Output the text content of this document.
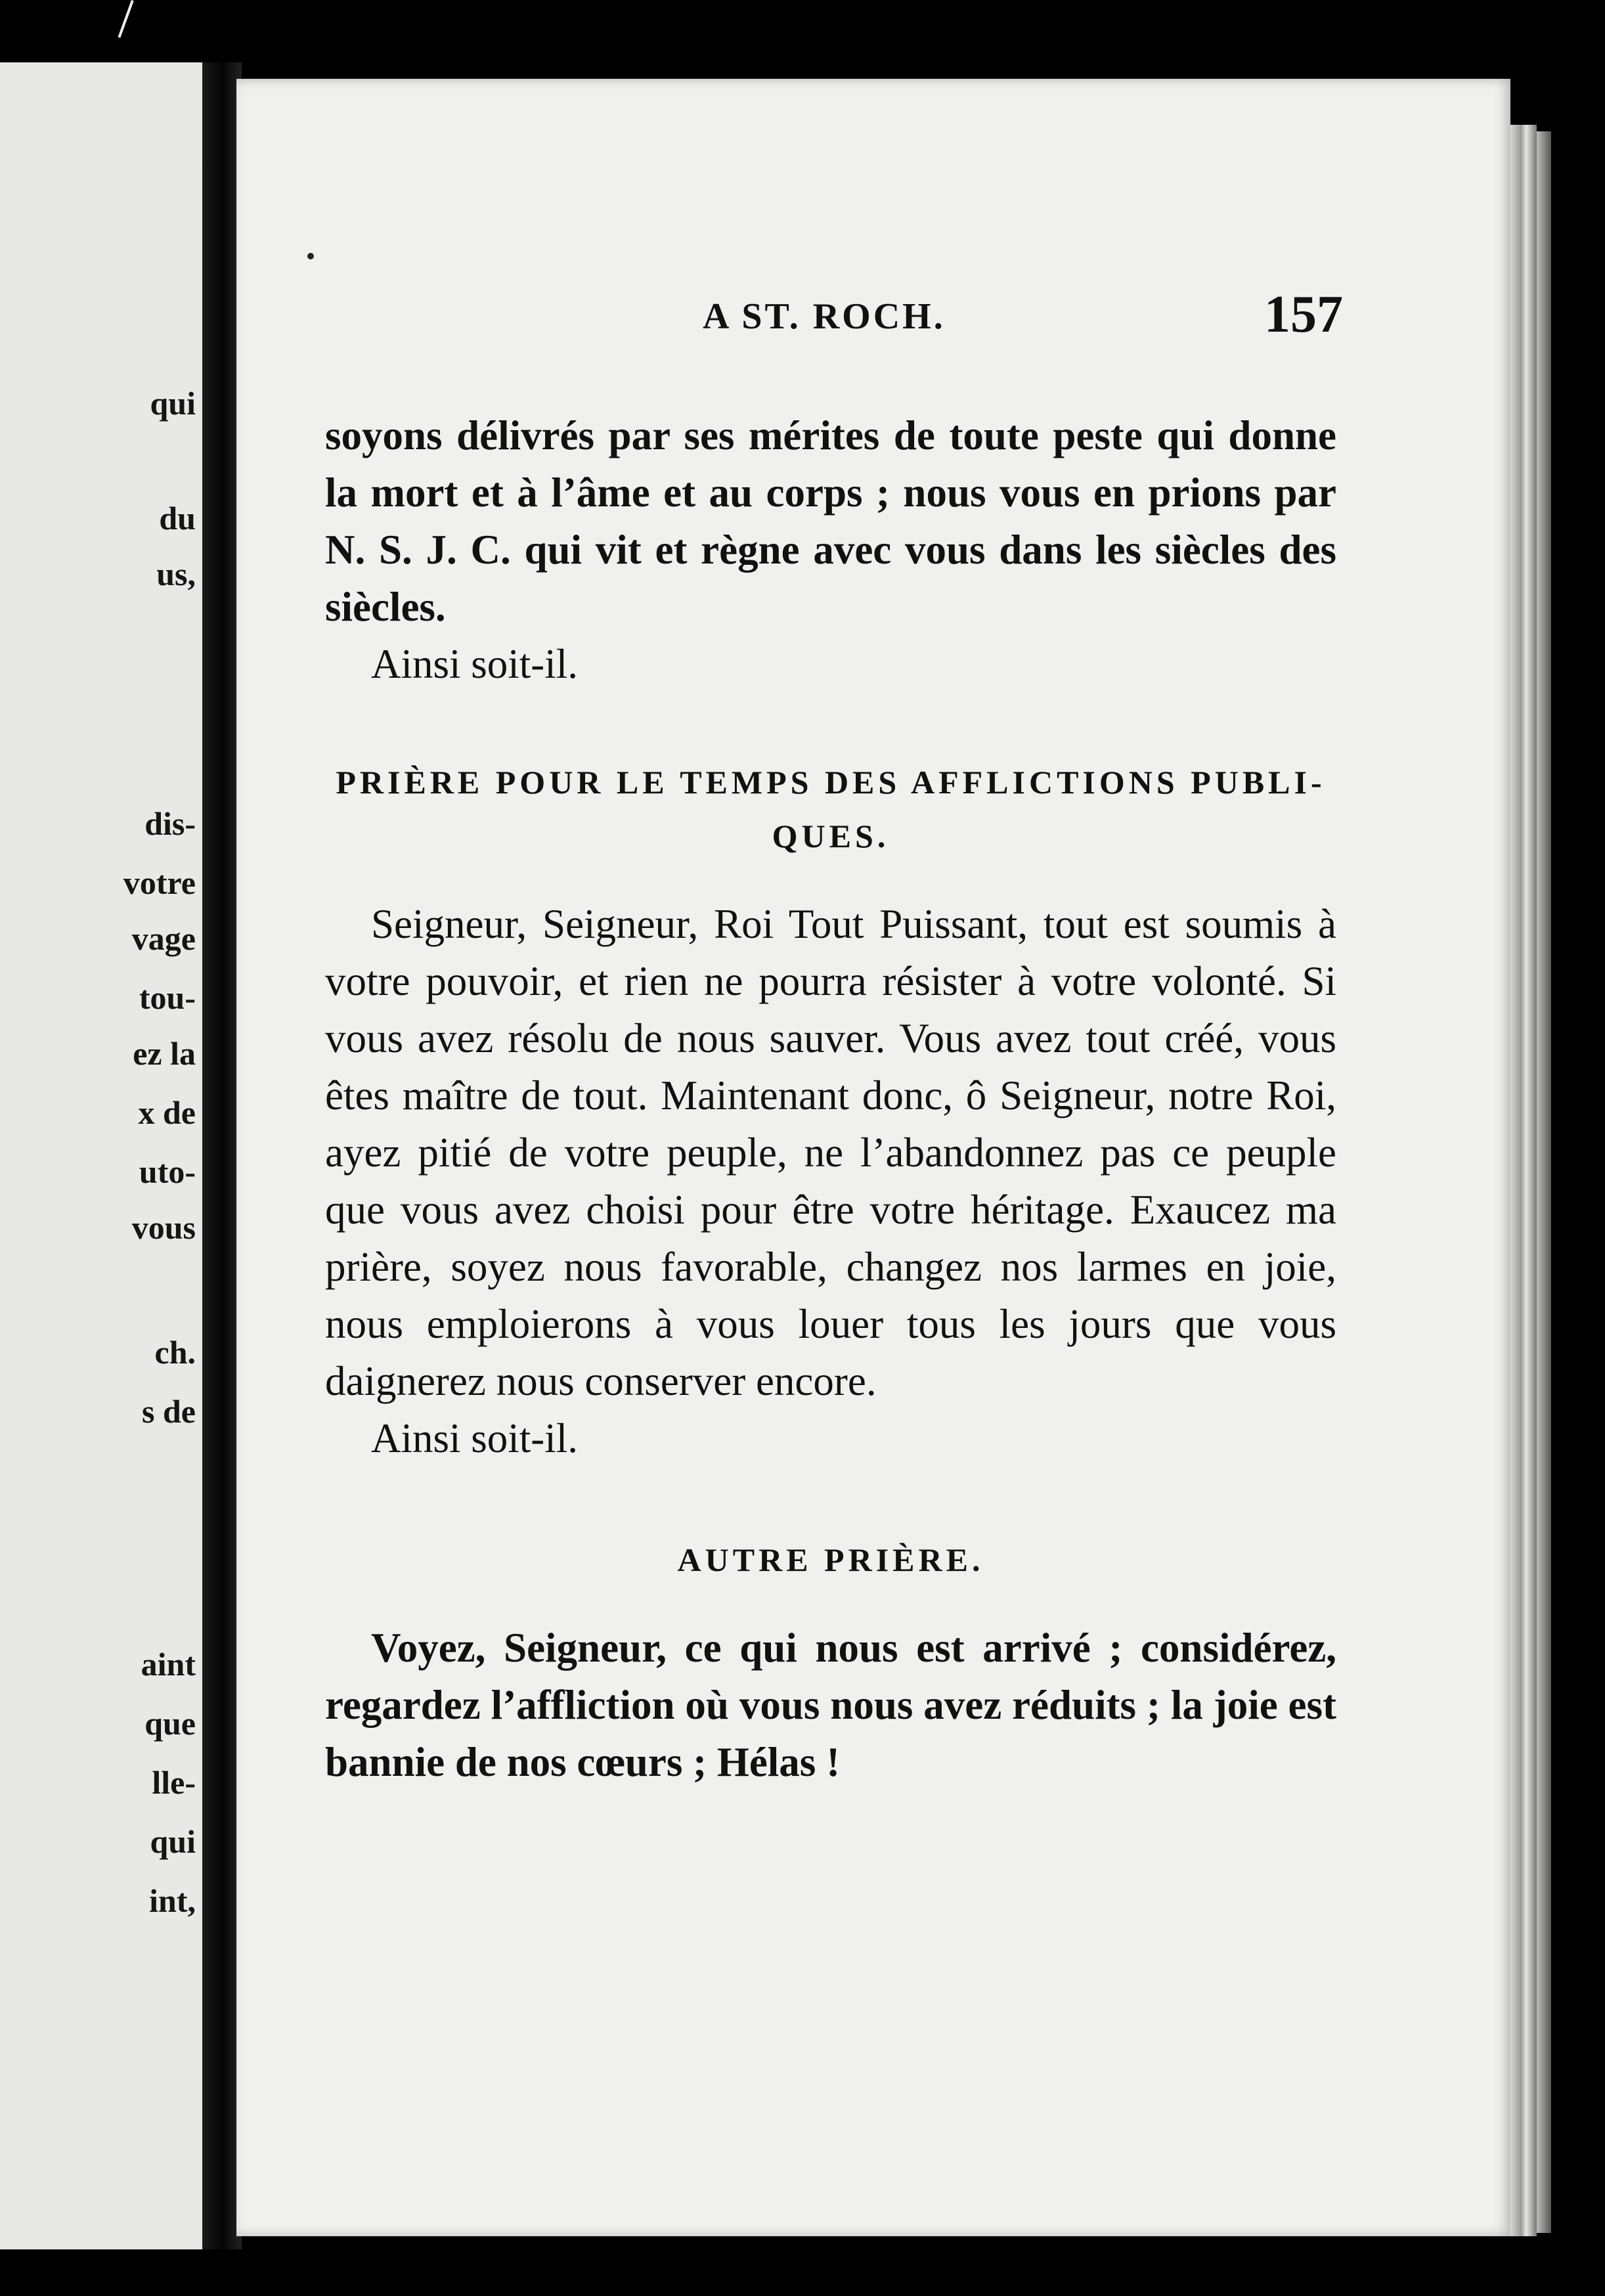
qui
du
us,
dis-
votre
vage
tou-
ez la
x de
uto-
vous
ch.
s de
aint
que
lle-
qui
int,
A ST. ROCH.	157

soyons délivrés par ses mérites de toute peste qui donne la mort et à l’âme et au corps ; nous vous en prions par N. S. J. C. qui vit et règne avec vous dans les siècles des siècles.

Ainsi soit-il.

PRIÈRE POUR LE TEMPS DES AFFLICTIONS PUBLI-QUES.

Seigneur, Seigneur, Roi Tout Puissant, tout est soumis à votre pouvoir, et rien ne pourra résister à votre volonté. Si vous avez résolu de nous sauver. Vous avez tout créé, vous êtes maître de tout. Maintenant donc, ô Seigneur, notre Roi, ayez pitié de votre peuple, ne l’abandonnez pas ce peuple que vous avez choisi pour être votre héritage. Exaucez ma prière, soyez nous favorable, changez nos larmes en joie, nous emploierons à vous louer tous les jours que vous daignerez nous conserver encore.

Ainsi soit-il.

AUTRE PRIÈRE.

Voyez, Seigneur, ce qui nous est arrivé ; considérez, regardez l’affliction où vous nous avez réduits ; la joie est bannie de nos cœurs ; Hélas !
